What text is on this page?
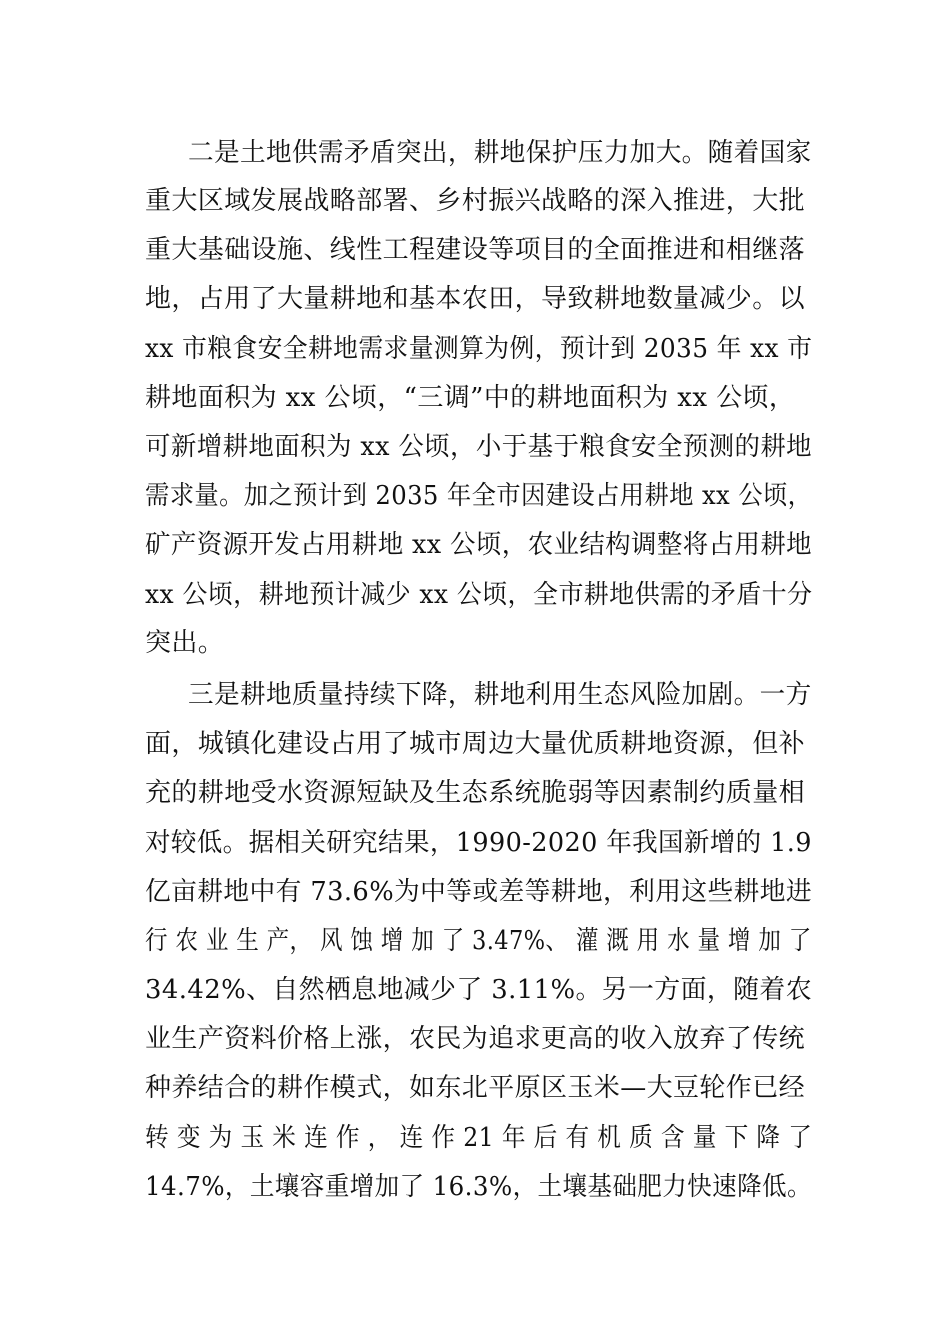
二是土地供需矛盾突出，耕地保护压力加大。随着国家
重大区域发展战略部署、乡村振兴战略的深入推进，大批
重大基础设施、线性工程建设等项目的全面推进和相继落
地，占用了大量耕地和基本农田，导致耕地数量减少。以
xx 市粮食安全耕地需求量测算为例，预计到 2035 年 xx 市
耕地面积为 xx 公顷，“三调”中的耕地面积为 xx 公顷，
可新增耕地面积为 xx 公顷，小于基于粮食安全预测的耕地
需求量。加之预计到 2035 年全市因建设占用耕地 xx 公顷，
矿产资源开发占用耕地 xx 公顷，农业结构调整将占用耕地
xx 公顷，耕地预计减少 xx 公顷，全市耕地供需的矛盾十分
突出。
三是耕地质量持续下降，耕地利用生态风险加剧。一方
面，城镇化建设占用了城市周边大量优质耕地资源，但补
充的耕地受水资源短缺及生态系统脆弱等因素制约质量相
对较低。据相关研究结果，1990-2020 年我国新增的 1.9
亿亩耕地中有 73.6%为中等或差等耕地，利用这些耕地进
行 农 业 生 产， 风 蚀 增 加 了 3.47%、 灌 溉 用 水 量 增 加 了
34.42%、自然栖息地减少了 3.11%。另一方面，随着农
业生产资料价格上涨，农民为追求更高的收入放弃了传统
种养结合的耕作模式，如东北平原区玉米—大豆轮作已经
转 变 为 玉 米 连 作 ， 连 作 21 年 后 有 机 质 含 量 下 降 了
14.7%，土壤容重增加了 16.3%，土壤基础肥力快速降低。
